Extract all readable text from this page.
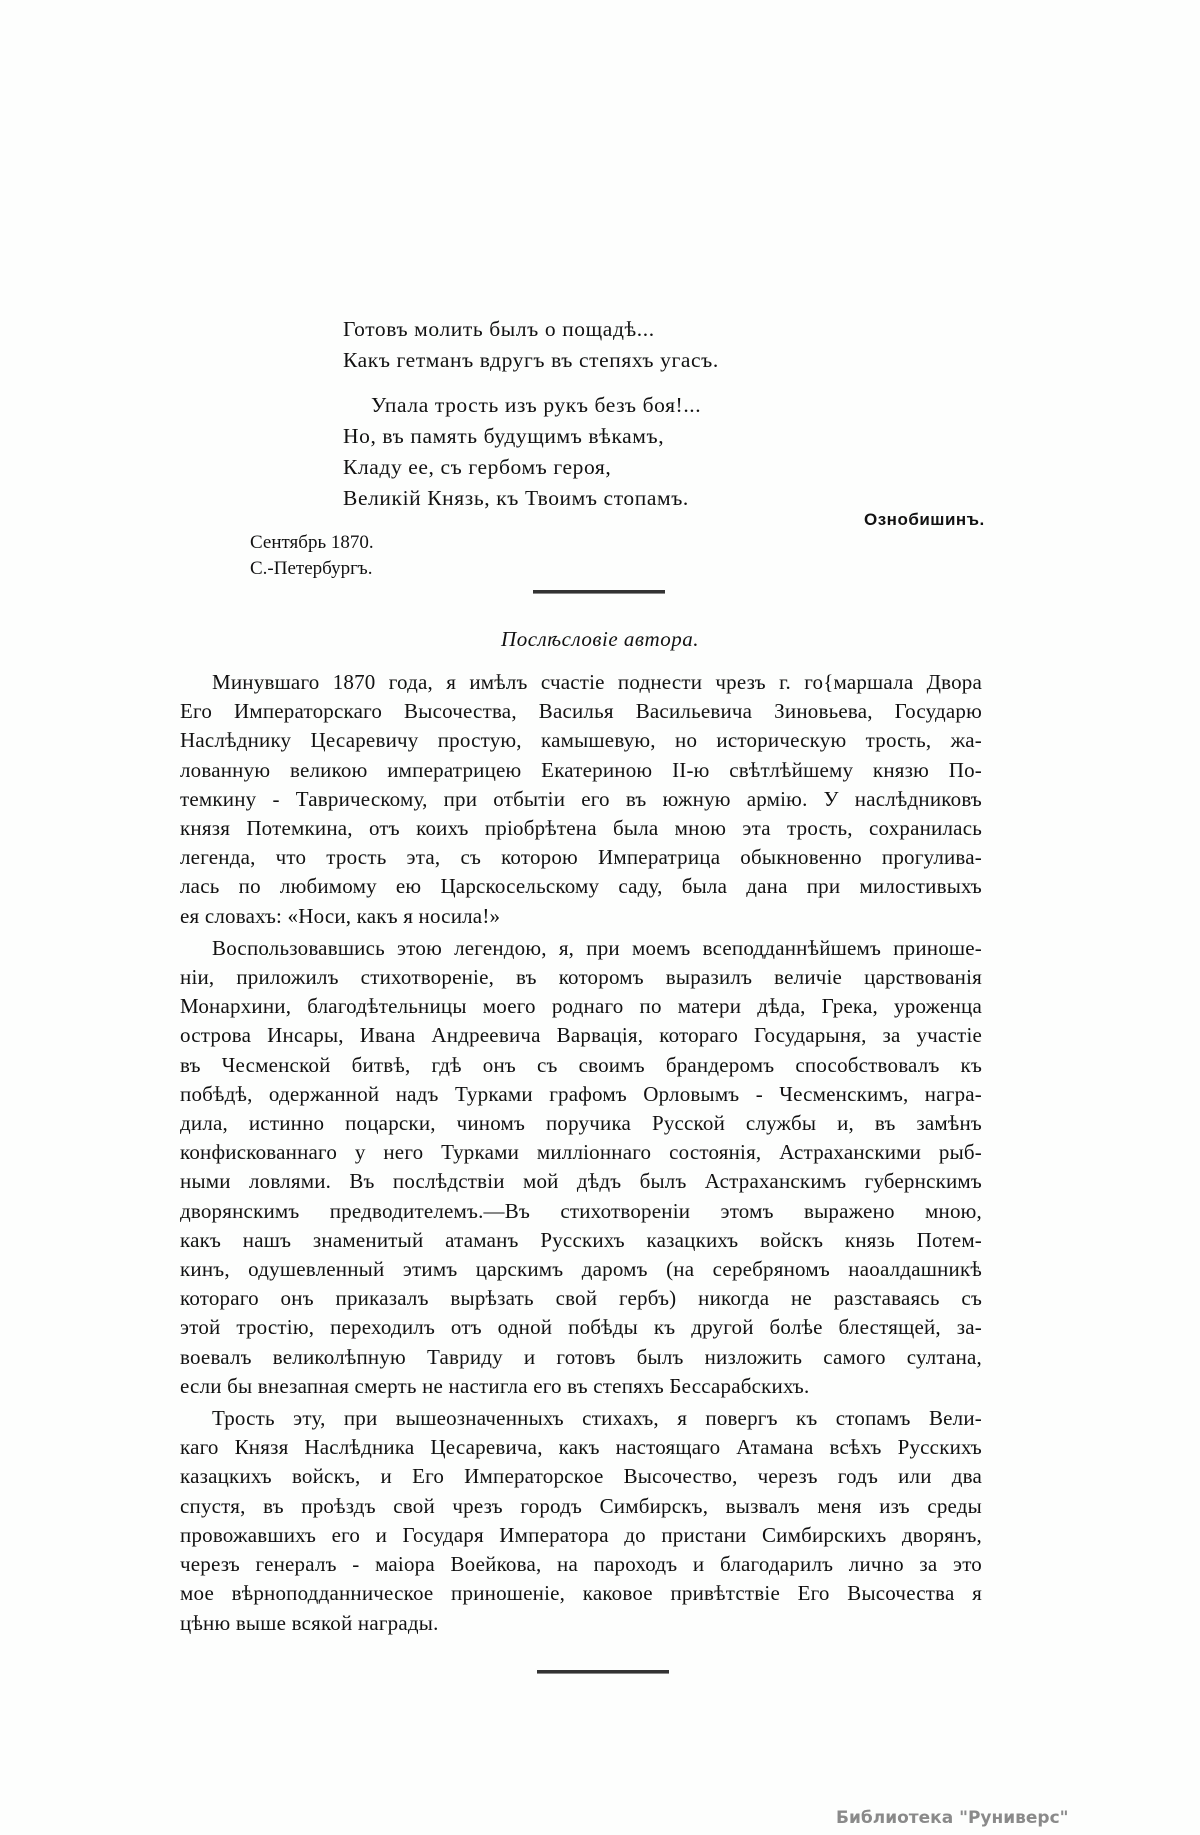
Готовъ молить былъ о пощадѣ...
Какъ гетманъ вдругъ въ степяхъ угасъ.
Упала трость изъ рукъ безъ боя!...
Но, въ память будущимъ вѣкамъ,
Кладу ее, съ гербомъ героя,
Великій Князь, къ Твоимъ стопамъ.
Ознобишинъ.
Сентябрь 1870.
С.-Петербургъ.
Послѣсловіе автора.
Минувшаго 1870 года, я имѣлъ счастіе поднести чрезъ г. го{маршала Двора
Его Императорскаго Высочества, Василья Васильевича Зиновьева, Государю
Наслѣднику Цесаревичу простую, камышевую, но историческую трость, жа-
лованную великою императрицею Екатериною II-ю свѣтлѣйшему князю По-
темкину - Таврическому, при отбытіи его въ южную армію. У наслѣдниковъ
князя Потемкина, отъ коихъ пріобрѣтена была мною эта трость, сохранилась
легенда, что трость эта, съ которою Императрица обыкновенно прогулива-
лась по любимому ею Царскосельскому саду, была дана при милостивыхъ
ея словахъ: «Носи, какъ я носила!»
Воспользовавшись этою легендою, я, при моемъ всеподданнѣйшемъ приноше-
ніи, приложилъ стихотвореніе, въ которомъ выразилъ величіе царствованія
Монархини, благодѣтельницы моего роднаго по матери дѣда, Грека, уроженца
острова Инсары, Ивана Андреевича Варвація, котораго Государыня, за участіе
въ Чесменской битвѣ, гдѣ онъ съ своимъ брандеромъ способствовалъ къ
побѣдѣ, одержанной надъ Турками графомъ Орловымъ - Чесменскимъ, награ-
дила, истинно поцарски, чиномъ поручика Русской службы и, въ замѣнъ
конфискованнаго у него Турками милліоннаго состоянія, Астраханскими рыб-
ными ловлями. Въ послѣдствіи мой дѣдъ былъ Астраханскимъ губернскимъ
дворянскимъ предводителемъ.—Въ стихотвореніи этомъ выражено мною,
какъ нашъ знаменитый атаманъ Русскихъ казацкихъ войскъ князь Потем-
кинъ, одушевленный этимъ царскимъ даромъ (на серебряномъ наоалдашникѣ
котораго онъ приказалъ вырѣзать свой гербъ) никогда не разставаясь съ
этой тростію, переходилъ отъ одной побѣды къ другой болѣе блестящей, за-
воевалъ великолѣпную Тавриду и готовъ былъ низложить самого султана,
если бы внезапная смерть не настигла его въ степяхъ Бессарабскихъ.
Трость эту, при вышеозначенныхъ стихахъ, я повергъ къ стопамъ Вели-
каго Князя Наслѣдника Цесаревича, какъ настоящаго Атамана всѣхъ Русскихъ
казацкихъ войскъ, и Его Императорское Высочество, черезъ годъ или два
спустя, въ проѣздъ свой чрезъ городъ Симбирскъ, вызвалъ меня изъ среды
провожавшихъ его и Государя Императора до пристани Симбирскихъ дворянъ,
черезъ генералъ - маіора Воейкова, на пароходъ и благодарилъ лично за это
мое вѣрноподданническое приношеніе, каковое привѣтствіе Его Высочества я
цѣню выше всякой награды.
Библиотека "Руниверс"
